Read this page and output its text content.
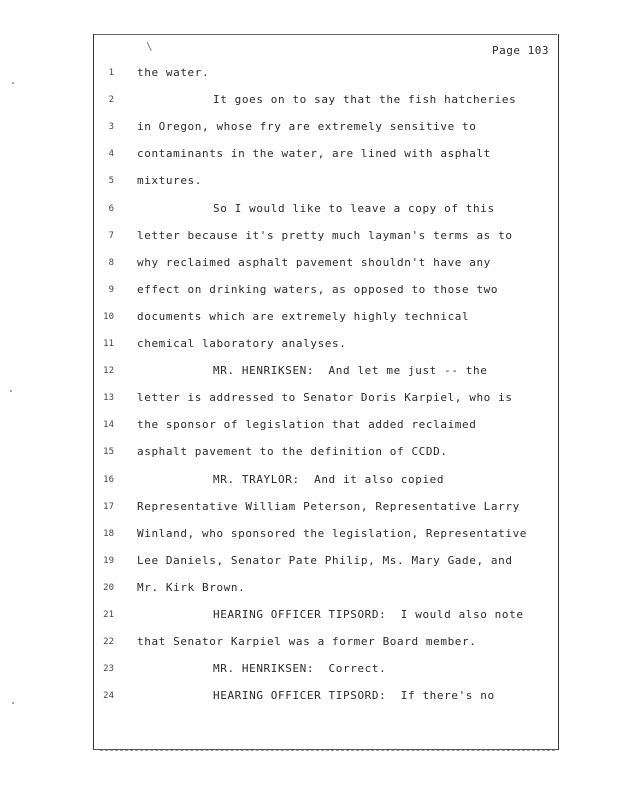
\	Page 103
1 the water.
2	It goes on to say that the fish hatcheries
3 in Oregon, whose fry are extremely sensitive to
4 contaminants in the water, are lined with asphalt
5 mixtures.
6	So I would like to leave a copy of this
7 letter because it's pretty much layman's terms as to
8 why reclaimed asphalt pavement shouldn't have any
9 effect on drinking waters, as opposed to those two
10 documents which are extremely highly technical
11 chemical laboratory analyses.
12	MR. HENRIKSEN:  And let me just -- the
13 letter is addressed to Senator Doris Karpiel, who is
14 the sponsor of legislation that added reclaimed
15 asphalt pavement to the definition of CCDD.
16	MR. TRAYLOR:  And it also copied
17 Representative William Peterson, Representative Larry
18 Winland, who sponsored the legislation, Representative
19 Lee Daniels, Senator Pate Philip, Ms. Mary Gade, and
20 Mr. Kirk Brown.
21	HEARING OFFICER TIPSORD:  I would also note
22 that Senator Karpiel was a former Board member.
23	MR. HENRIKSEN:  Correct.
24	HEARING OFFICER TIPSORD:  If there's no
